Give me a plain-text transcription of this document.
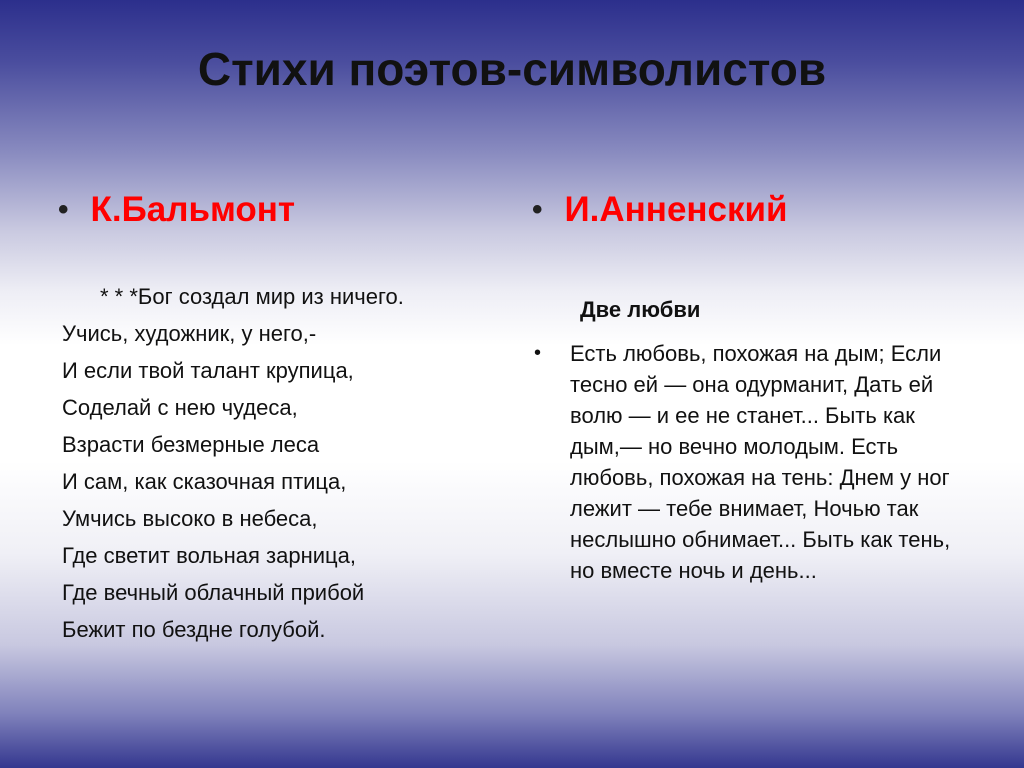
Стихи поэтов-символистов
• К.Бальмонт	• И.Анненский
* * *Бог создал мир из ничего.
Учись, художник, у него,-
И если твой талант крупица,
Соделай с нею чудеса,
Взрасти безмерные леса
И сам, как сказочная птица,
Умчись высоко в небеса,
Где светит вольная зарница,
Где вечный облачный прибой
Бежит по бездне голубой.
Две любви
• Есть любовь, похожая на дым; Если тесно ей — она одурманит, Дать ей волю — и ее не станет... Быть как дым,— но вечно молодым. Есть любовь, похожая на тень: Днем у ног лежит — тебе внимает, Ночью так неслышно обнимает... Быть как тень, но вместе ночь и день...
